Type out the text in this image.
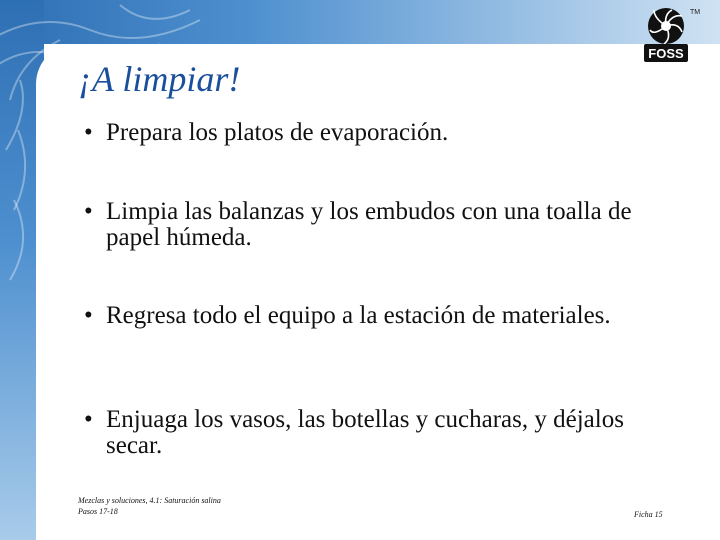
FOSS
TM
¡A limpiar!
• Prepara los platos de evaporación.
• Limpia las balanzas y los embudos con una toalla de papel húmeda.
• Regresa todo el equipo a la estación de materiales.
• Enjuaga los vasos, las botellas y cucharas, y déjalos secar.
Mezclas y soluciones, 4.1: Saturación salina
Pasos 17-18	Ficha 15
